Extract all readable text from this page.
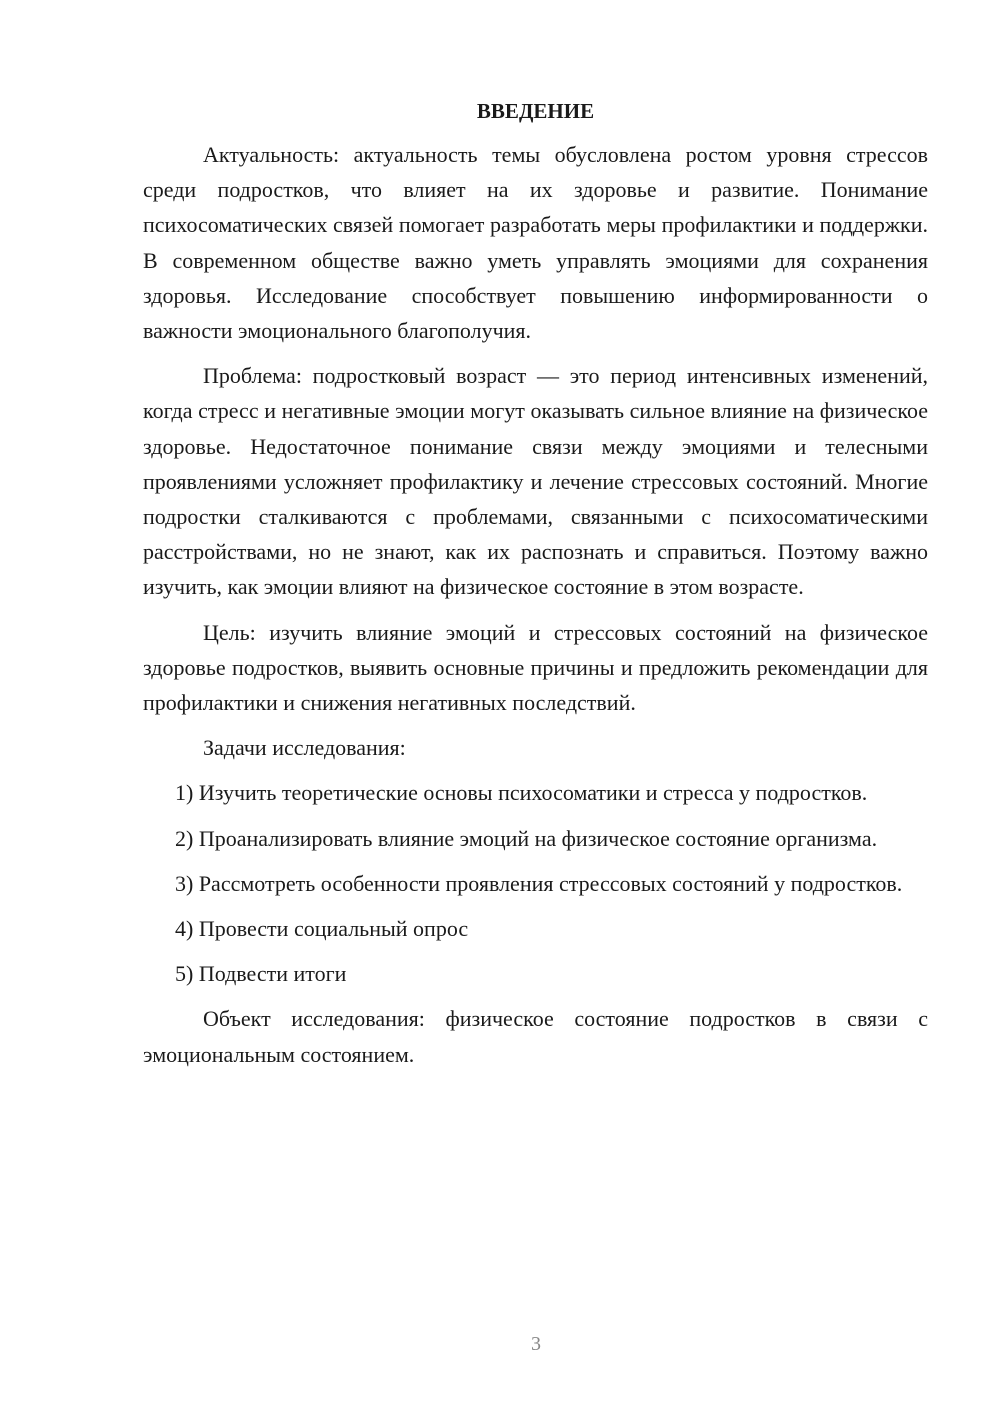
ВВЕДЕНИЕ

Актуальность: актуальность темы обусловлена ростом уровня стрессов среди подростков, что влияет на их здоровье и развитие. Понимание психосоматических связей помогает разработать меры профилактики и поддержки. В современном обществе важно уметь управлять эмоциями для сохранения здоровья. Исследование способствует повышению информированности о важности эмоционального благополучия.

Проблема: подростковый возраст — это период интенсивных изменений, когда стресс и негативные эмоции могут оказывать сильное влияние на физическое здоровье. Недостаточное понимание связи между эмоциями и телесными проявлениями усложняет профилактику и лечение стрессовых состояний. Многие подростки сталкиваются с проблемами, связанными с психосоматическими расстройствами, но не знают, как их распознать и справиться. Поэтому важно изучить, как эмоции влияют на физическое состояние в этом возрасте.

Цель: изучить влияние эмоций и стрессовых состояний на физическое здоровье подростков, выявить основные причины и предложить рекомендации для профилактики и снижения негативных последствий.

Задачи исследования:

1) Изучить теоретические основы психосоматики и стресса у подростков.

2) Проанализировать влияние эмоций на физическое состояние организма.

3) Рассмотреть особенности проявления стрессовых состояний у подростков.

4) Провести социальный опрос

5) Подвести итоги

Объект исследования: физическое состояние подростков в связи с эмоциональным состоянием.

3
